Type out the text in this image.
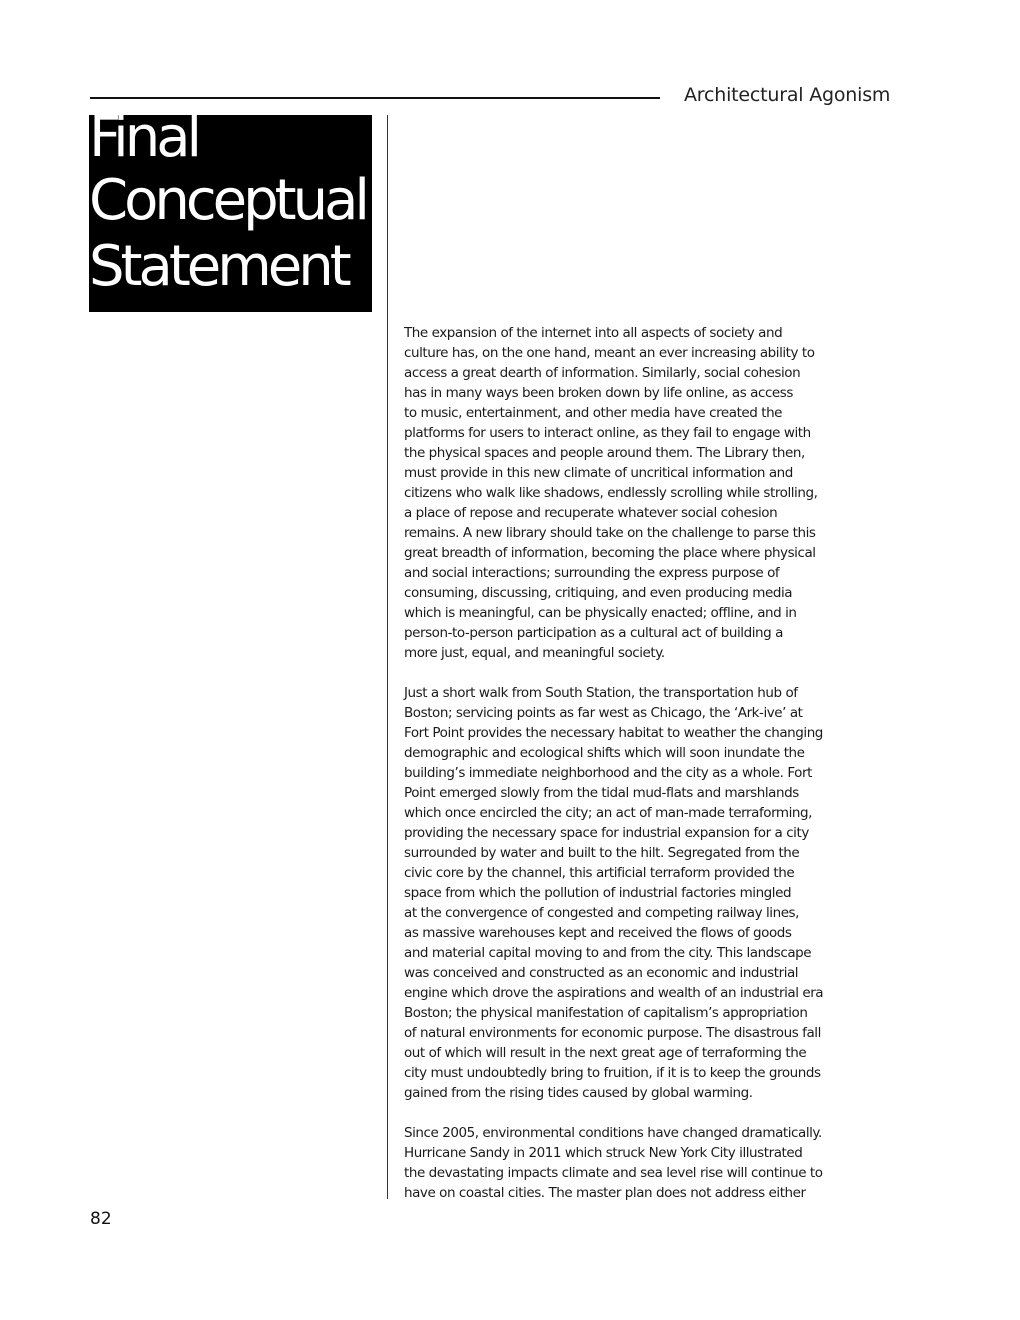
Architectural Agonism
Final
Conceptual
Statement
The expansion of the internet into all aspects of society and
culture has, on the one hand, meant an ever increasing ability to
access a great dearth of information. Similarly, social cohesion
has in many ways been broken down by life online, as access
to music, entertainment, and other media have created the
platforms for users to interact online, as they fail to engage with
the physical spaces and people around them. The Library then,
must provide in this new climate of uncritical information and
citizens who walk like shadows, endlessly scrolling while strolling,
a place of repose and recuperate whatever social cohesion
remains. A new library should take on the challenge to parse this
great breadth of information, becoming the place where physical
and social interactions; surrounding the express purpose of
consuming, discussing, critiquing, and even producing media
which is meaningful, can be physically enacted; offline, and in
person-to-person participation as a cultural act of building a
more just, equal, and meaningful society.
Just a short walk from South Station, the transportation hub of
Boston; servicing points as far west as Chicago, the ‘Ark-ive’ at
Fort Point provides the necessary habitat to weather the changing
demographic and ecological shifts which will soon inundate the
building’s immediate neighborhood and the city as a whole. Fort
Point emerged slowly from the tidal mud-flats and marshlands
which once encircled the city; an act of man-made terraforming,
providing the necessary space for industrial expansion for a city
surrounded by water and built to the hilt. Segregated from the
civic core by the channel, this artificial terraform provided the
space from which the pollution of industrial factories mingled
at the convergence of congested and competing railway lines,
as massive warehouses kept and received the flows of goods
and material capital moving to and from the city. This landscape
was conceived and constructed as an economic and industrial
engine which drove the aspirations and wealth of an industrial era
Boston; the physical manifestation of capitalism’s appropriation
of natural environments for economic purpose. The disastrous fall
out of which will result in the next great age of terraforming the
city must undoubtedly bring to fruition, if it is to keep the grounds
gained from the rising tides caused by global warming.
Since 2005, environmental conditions have changed dramatically.
Hurricane Sandy in 2011 which struck New York City illustrated
the devastating impacts climate and sea level rise will continue to
have on coastal cities. The master plan does not address either
82
